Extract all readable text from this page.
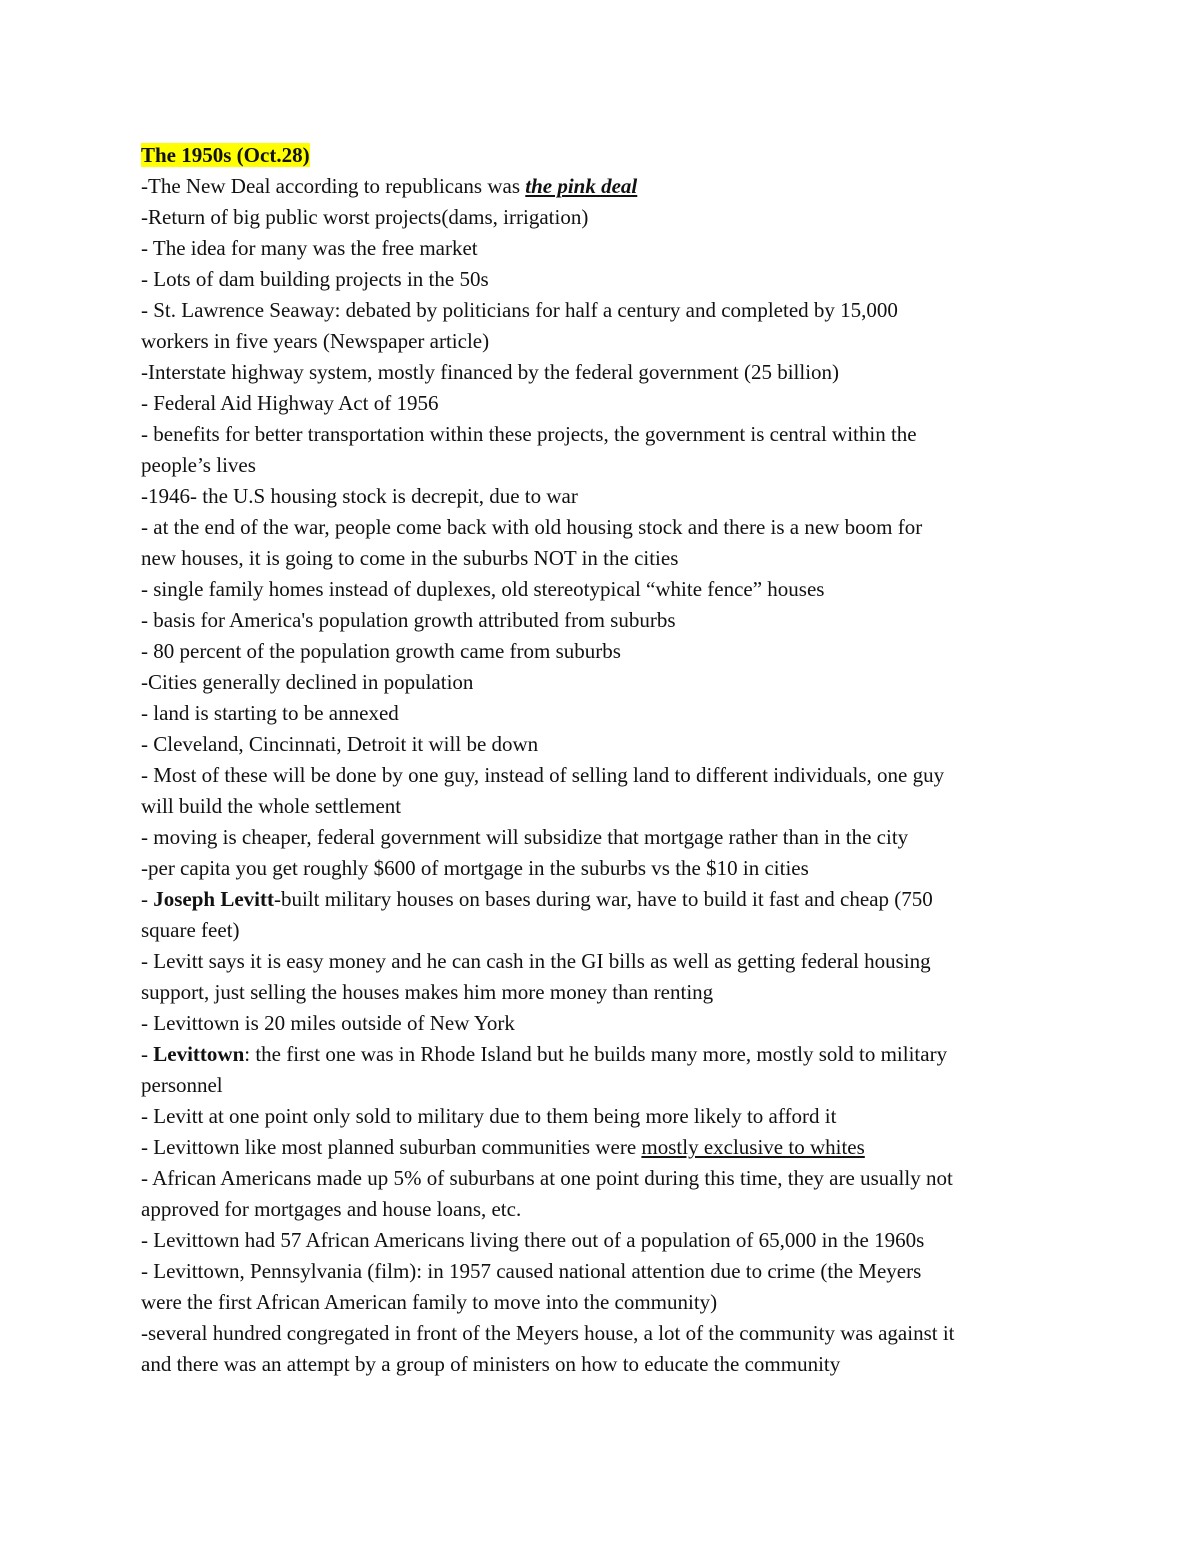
The 1950s (Oct.28)
-The New Deal according to republicans was the pink deal
-Return of big public worst projects(dams, irrigation)
- The idea for many was the free market
- Lots of dam building projects in the 50s
- St. Lawrence Seaway: debated by politicians for half a century and completed by 15,000
workers in five years (Newspaper article)
-Interstate highway system, mostly financed by the federal government (25 billion)
- Federal Aid Highway Act of 1956
- benefits for better transportation within these projects, the government is central within the
people’s lives
-1946- the U.S housing stock is decrepit, due to war
- at the end of the war, people come back with old housing stock and there is a new boom for
new houses, it is going to come in the suburbs NOT in the cities
- single family homes instead of duplexes, old stereotypical “white fence” houses
- basis for America's population growth attributed from suburbs
- 80 percent of the population growth came from suburbs
-Cities generally declined in population
- land is starting to be annexed
- Cleveland, Cincinnati, Detroit it will be down
- Most of these will be done by one guy, instead of selling land to different individuals, one guy
will build the whole settlement
- moving is cheaper, federal government will subsidize that mortgage rather than in the city
-per capita you get roughly $600 of mortgage in the suburbs vs the $10 in cities
- Joseph Levitt-built military houses on bases during war, have to build it fast and cheap (750
square feet)
- Levitt says it is easy money and he can cash in the GI bills as well as getting federal housing
support, just selling the houses makes him more money than renting
- Levittown is 20 miles outside of New York
- Levittown: the first one was in Rhode Island but he builds many more, mostly sold to military
personnel
- Levitt at one point only sold to military due to them being more likely to afford it
- Levittown like most planned suburban communities were mostly exclusive to whites
- African Americans made up 5% of suburbans at one point during this time, they are usually not
approved for mortgages and house loans, etc.
- Levittown had 57 African Americans living there out of a population of 65,000 in the 1960s
- Levittown, Pennsylvania (film): in 1957 caused national attention due to crime (the Meyers
were the first African American family to move into the community)
-several hundred congregated in front of the Meyers house, a lot of the community was against it
and there was an attempt by a group of ministers on how to educate the community
